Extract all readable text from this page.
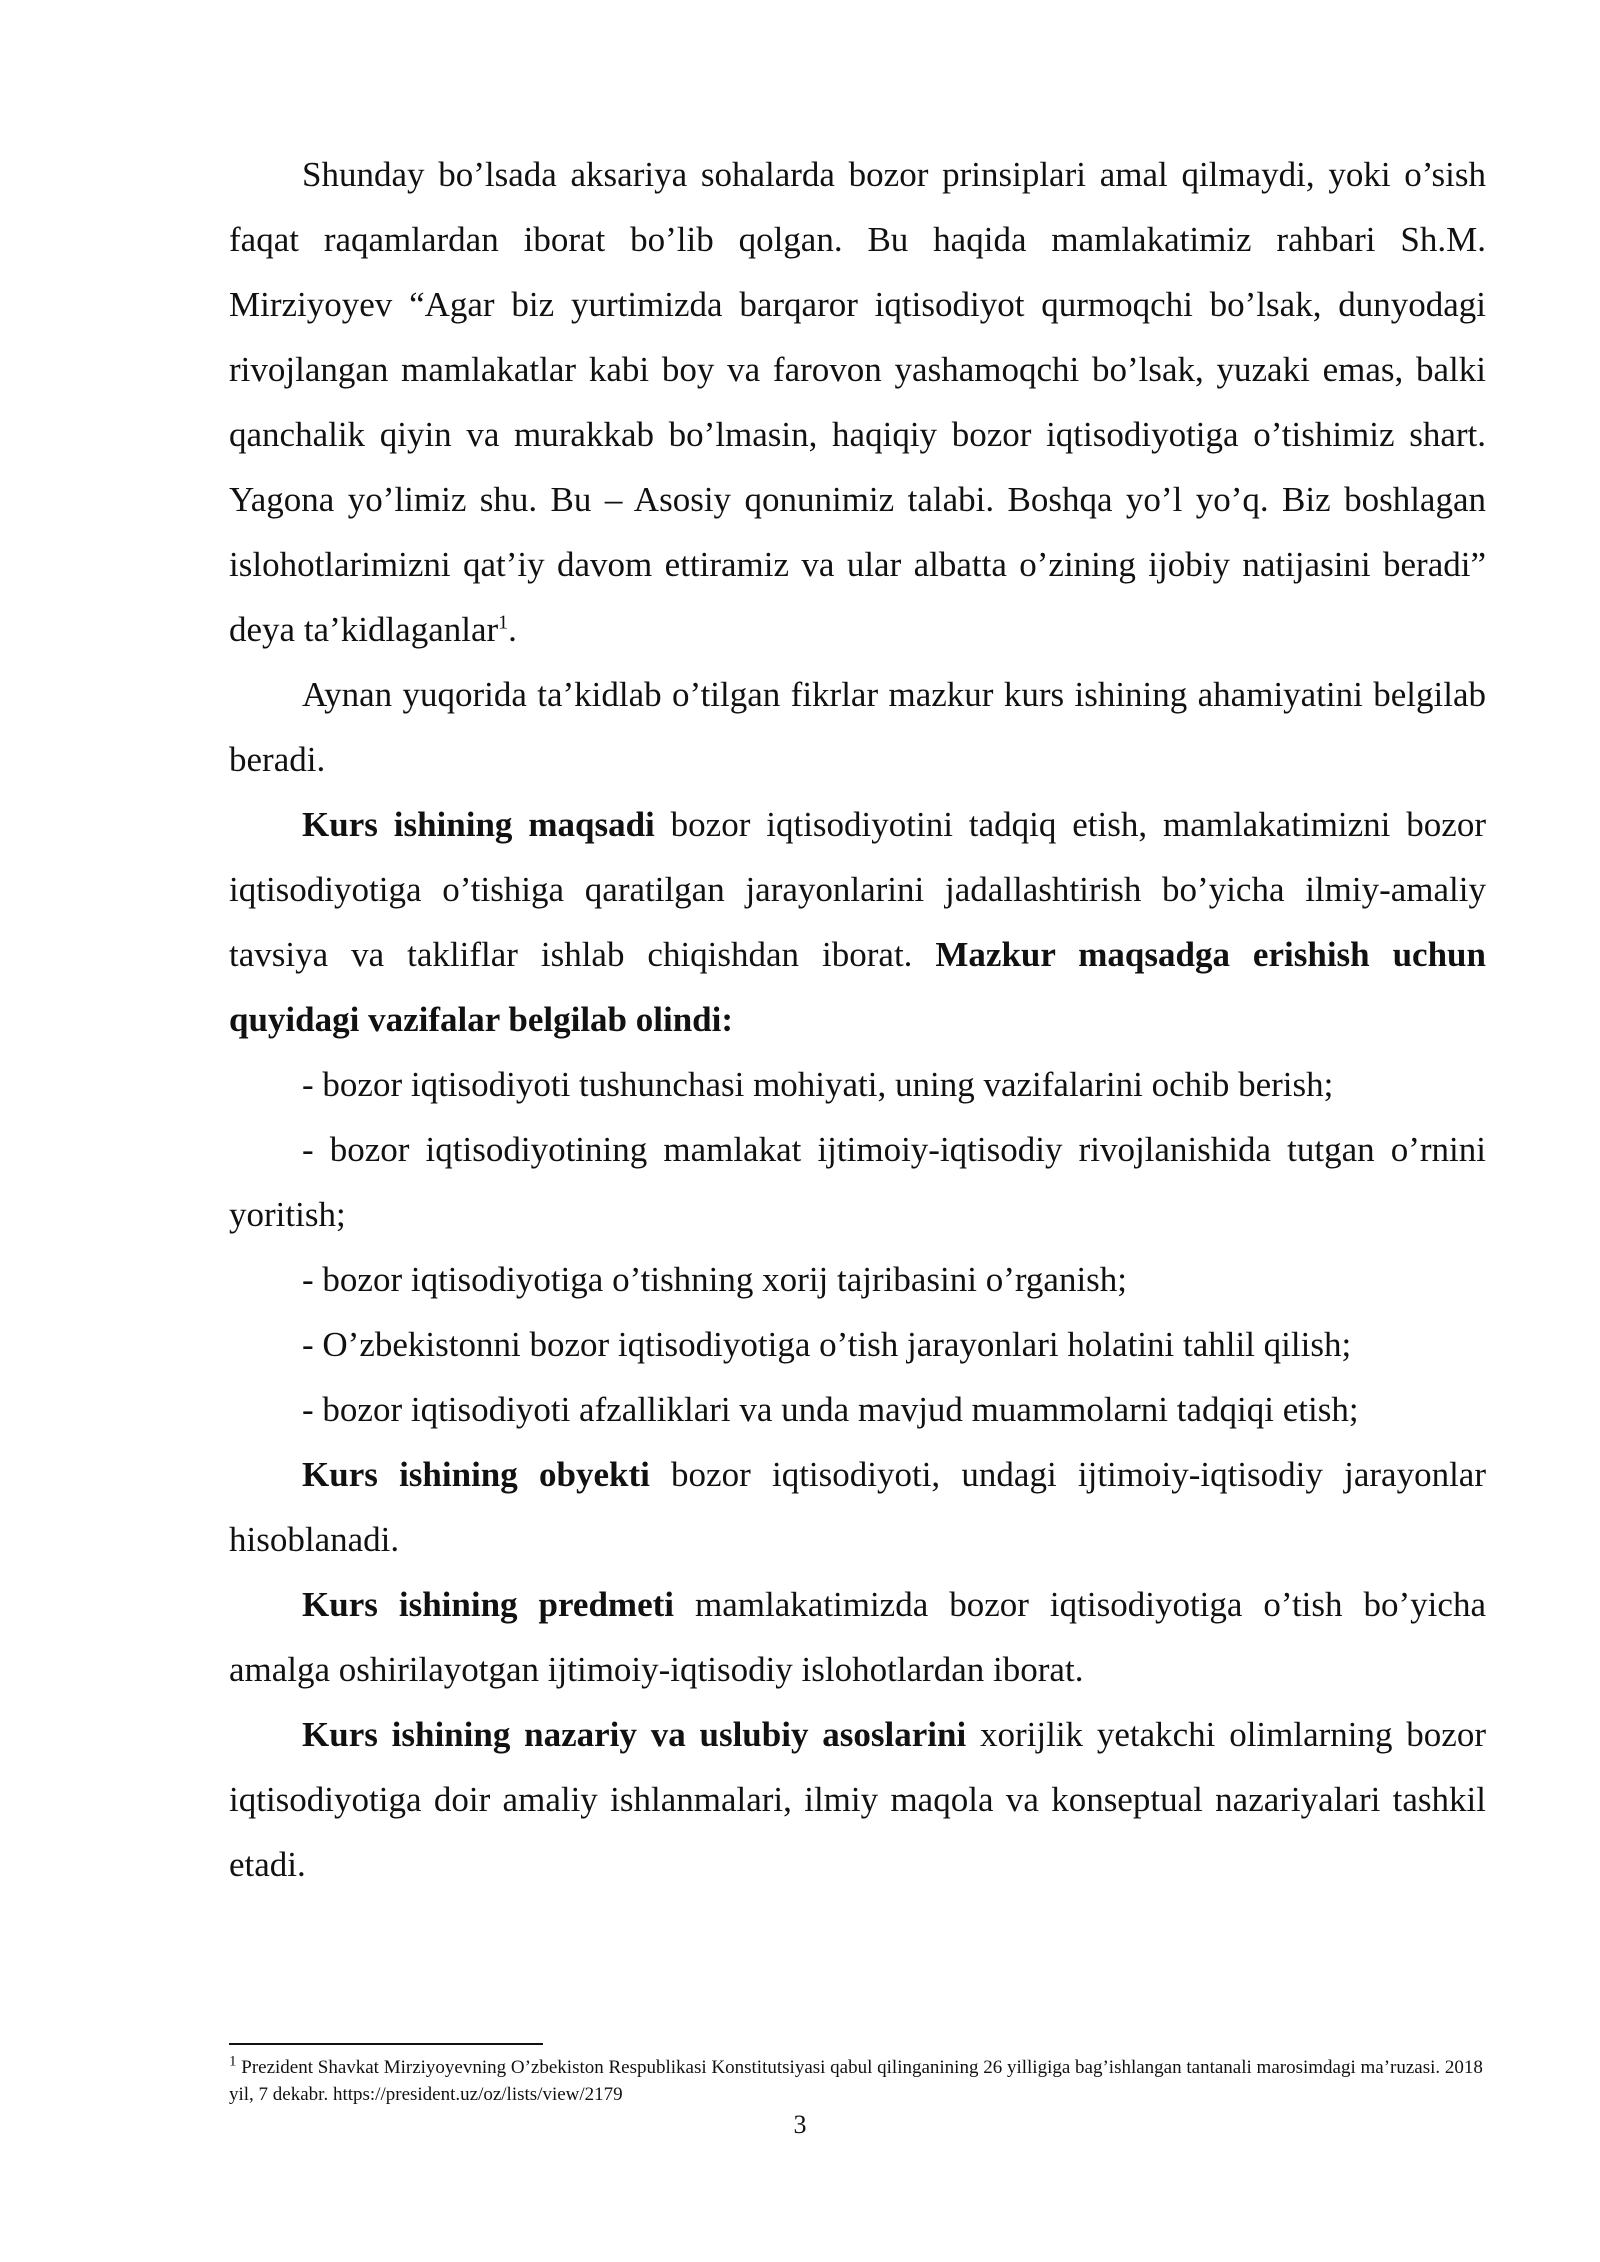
Shunday bo’lsada aksariya sohalarda bozor prinsiplari amal qilmaydi, yoki o’sish faqat raqamlardan iborat bo’lib qolgan. Bu haqida mamlakatimiz rahbari Sh.M. Mirziyoyev “Agar biz yurtimizda barqaror iqtisodiyot qurmoqchi bo’lsak, dunyodagi rivojlangan mamlakatlar kabi boy va farovon yashamoqchi bo’lsak, yuzaki emas, balki qanchalik qiyin va murakkab bo’lmasin, haqiqiy bozor iqtisodiyotiga o’tishimiz shart. Yagona yo’limiz shu. Bu – Asosiy qonunimiz talabi. Boshqa yo’l yo’q. Biz boshlagan islohotlarimizni qat’iy davom ettiramiz va ular albatta o’zining ijobiy natijasini beradi” deya ta’kidlaganlar$^1$.

Aynan yuqorida ta’kidlab o’tilgan fikrlar mazkur kurs ishining ahamiyatini belgilab beradi.

Kurs ishining maqsadi bozor iqtisodiyotini tadqiq etish, mamlakatimizni bozor iqtisodiyotiga o’tishiga qaratilgan jarayonlarini jadallashtirish bo’yicha ilmiy-amaliy tavsiya va takliflar ishlab chiqishdan iborat. Mazkur maqsadga erishish uchun quyidagi vazifalar belgilab olindi:

- bozor iqtisodiyoti tushunchasi mohiyati, uning vazifalarini ochib berish;

- bozor iqtisodiyotining mamlakat ijtimoiy-iqtisodiy rivojlanishida tutgan o’rnini yoritish;

- bozor iqtisodiyotiga o’tishning xorij tajribasini o’rganish;

- O’zbekistonni bozor iqtisodiyotiga o’tish jarayonlari holatini tahlil qilish;

- bozor iqtisodiyoti afzalliklari va unda mavjud muammolarni tadqiqi etish;

Kurs ishining obyekti bozor iqtisodiyoti, undagi ijtimoiy-iqtisodiy jarayonlar hisoblanadi.

Kurs ishining predmeti mamlakatimizda bozor iqtisodiyotiga o’tish bo’yicha amalga oshirilayotgan ijtimoiy-iqtisodiy islohotlardan iborat.

Kurs ishining nazariy va uslubiy asoslarini xorijlik yetakchi olimlarning bozor iqtisodiyotiga doir amaliy ishlanmalari, ilmiy maqola va konseptual nazariyalari tashkil etadi.

$^1$ Prezident Shavkat Mirziyoyevning O’zbekiston Respublikasi Konstitutsiyasi qabul qilinganining 26 yilligiga bag’ishlangan tantanali marosimdagi ma’ruzasi. 2018 yil, 7 dekabr. https://president.uz/oz/lists/view/2179

3
